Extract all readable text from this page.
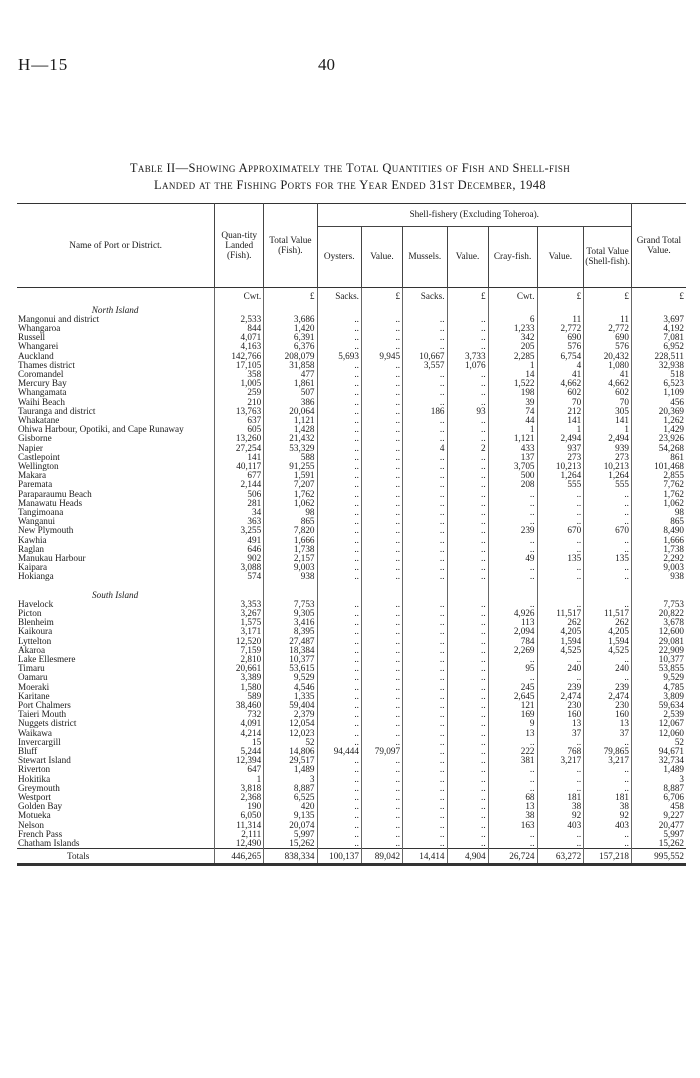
H—15	40
Table II—Showing Approximately the Total Quantities of Fish and Shell-fish
Landed at the Fishing Ports for the Year Ended 31st December, 1948
Name of Port or District.	Quan-tity Landed (Fish).	Total Value (Fish).	Shell-fishery (Excluding Toheroa).							Grand Total Value.
			Oysters.	Value.	Mussels.	Value.	Cray-fish.	Value.	Total Value (Shell-fish).	
	Cwt.	£	Sacks.	£	Sacks.	£	Cwt.	£	£	£
North Island										
Mangonui and district	2,533	3,686	..	..	..	..	6	11	11	3,697
Whangaroa	844	1,420	..	..	..	..	1,233	2,772	2,772	4,192
Russell	4,071	6,391	..	..	..	..	342	690	690	7,081
Whangarei	4,163	6,376	..	..	..	..	205	576	576	6,952
Auckland	142,766	208,079	5,693	9,945	10,667	3,733	2,285	6,754	20,432	228,511
Thames district	17,105	31,858	..	..	3,557	1,076	1	4	1,080	32,938
Coromandel	358	477	..	..	..	..	14	41	41	518
Mercury Bay	1,005	1,861	..	..	..	..	1,522	4,662	4,662	6,523
Whangamata	259	507	..	..	..	..	198	602	602	1,109
Waihi Beach	210	386	..	..	..	..	39	70	70	456
Tauranga and district	13,763	20,064	..	..	186	93	74	212	305	20,369
Whakatane	637	1,121	..	..	..	..	44	141	141	1,262
Ohiwa Harbour, Opotiki, and Cape Runaway	605	1,428	..	..	..	..	1	1	1	1,429
Gisborne	13,260	21,432	..	..	..	..	1,121	2,494	2,494	23,926
Napier	27,254	53,329	..	..	4	2	433	937	939	54,268
Castlepoint	141	588	..	..	..	..	137	273	273	861
Wellington	40,117	91,255	..	..	..	..	3,705	10,213	10,213	101,468
Makara	677	1,591	..	..	..	..	500	1,264	1,264	2,855
Paremata	2,144	7,207	..	..	..	..	208	555	555	7,762
Paraparaumu Beach	506	1,762	..	..	..	..	..	..	..	1,762
Manawatu Heads	281	1,062	..	..	..	..	..	..	..	1,062
Tangimoana	34	98	..	..	..	..	..	..	..	98
Wanganui	363	865	..	..	..	..	..	..	..	865
New Plymouth	3,255	7,820	..	..	..	..	239	670	670	8,490
Kawhia	491	1,666	..	..	..	..	..	..	..	1,666
Raglan	646	1,738	..	..	..	..	..	..	..	1,738
Manukau Harbour	902	2,157	..	..	..	..	49	135	135	2,292
Kaipara	3,088	9,003	..	..	..	..	..	..	..	9,003
Hokianga	574	938	..	..	..	..	..	..	..	938

South Island										
Havelock	3,353	7,753	..	..	..	..	..	..	..	7,753
Picton	3,267	9,305	..	..	..	..	4,926	11,517	11,517	20,822
Blenheim	1,575	3,416	..	..	..	..	113	262	262	3,678
Kaikoura	3,171	8,395	..	..	..	..	2,094	4,205	4,205	12,600
Lyttelton	12,520	27,487	..	..	..	..	784	1,594	1,594	29,081
Akaroa	7,159	18,384	..	..	..	..	2,269	4,525	4,525	22,909
Lake Ellesmere	2,810	10,377	..	..	..	..	..	..	..	10,377
Timaru	20,661	53,615	..	..	..	..	95	240	240	53,855
Oamaru	3,389	9,529	..	..	..	..	..	..	..	9,529
Moeraki	1,580	4,546	..	..	..	..	245	239	239	4,785
Karitane	589	1,335	..	..	..	..	2,645	2,474	2,474	3,809
Port Chalmers	38,460	59,404	..	..	..	..	121	230	230	59,634
Taieri Mouth	732	2,379	..	..	..	..	169	160	160	2,539
Nuggets district	4,091	12,054	..	..	..	..	9	13	13	12,067
Waikawa	4,214	12,023	..	..	..	..	13	37	37	12,060
Invercargill	15	52	..	..	..	..	..	..	..	52
Bluff	5,244	14,806	94,444	79,097	..	..	222	768	79,865	94,671
Stewart Island	12,394	29,517	..	..	..	..	381	3,217	3,217	32,734
Riverton	647	1,489	..	..	..	..	..	..	..	1,489
Hokitika	1	3	..	..	..	..	..	..	..	3
Greymouth	3,818	8,887	..	..	..	..	..	..	..	8,887
Westport	2,368	6,525	..	..	..	..	68	181	181	6,706
Golden Bay	190	420	..	..	..	..	13	38	38	458
Motueka	6,050	9,135	..	..	..	..	38	92	92	9,227
Nelson	11,314	20,074	..	..	..	..	163	403	403	20,477
French Pass	2,111	5,997	..	..	..	..	..	..	..	5,997
Chatham Islands	12,490	15,262	..	..	..	..	..	..	..	15,262
Totals	446,265	838,334	100,137	89,042	14,414	4,904	26,724	63,272	157,218	995,552
